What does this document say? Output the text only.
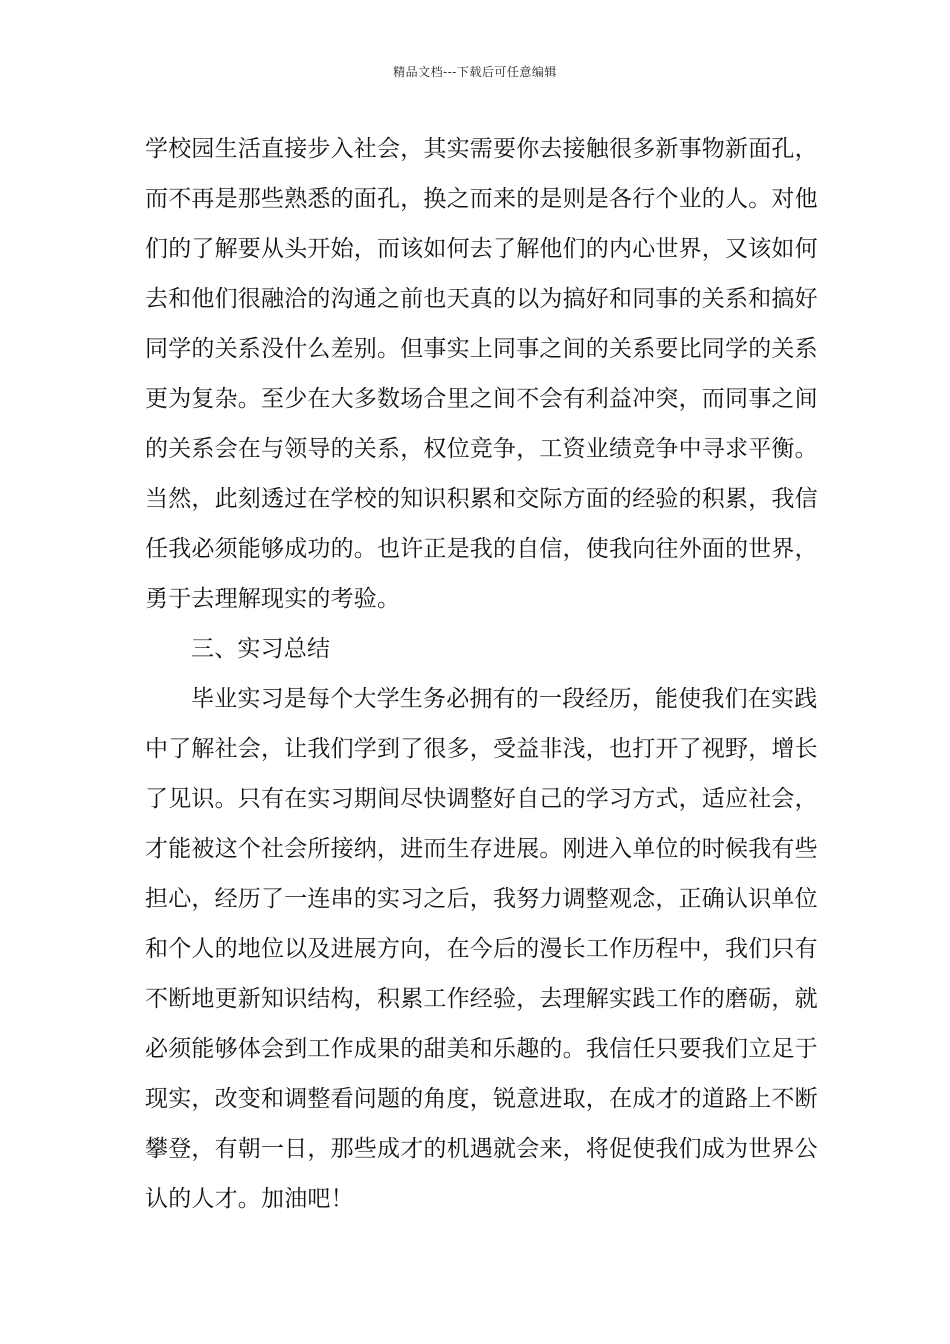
精品文档---下载后可任意编辑
学校园生活直接步入社会，其实需要你去接触很多新事物新面孔，
而不再是那些熟悉的面孔，换之而来的是则是各行个业的人。对他
们的了解要从头开始，而该如何去了解他们的内心世界，又该如何
去和他们很融洽的沟通之前也天真的以为搞好和同事的关系和搞好
同学的关系没什么差别。但事实上同事之间的关系要比同学的关系
更为复杂。至少在大多数场合里之间不会有利益冲突，而同事之间
的关系会在与领导的关系，权位竞争，工资业绩竞争中寻求平衡。
当然，此刻透过在学校的知识积累和交际方面的经验的积累，我信
任我必须能够成功的。也许正是我的自信，使我向往外面的世界，
勇于去理解现实的考验。
三、实习总结
毕业实习是每个大学生务必拥有的一段经历，能使我们在实践
中了解社会，让我们学到了很多，受益非浅，也打开了视野，增长
了见识。只有在实习期间尽快调整好自己的学习方式，适应社会，
才能被这个社会所接纳，进而生存进展。刚进入单位的时候我有些
担心，经历了一连串的实习之后，我努力调整观念，正确认识单位
和个人的地位以及进展方向，在今后的漫长工作历程中，我们只有
不断地更新知识结构，积累工作经验，去理解实践工作的磨砺，就
必须能够体会到工作成果的甜美和乐趣的。我信任只要我们立足于
现实，改变和调整看问题的角度，锐意进取，在成才的道路上不断
攀登，有朝一日，那些成才的机遇就会来，将促使我们成为世界公
认的人才。加油吧！
